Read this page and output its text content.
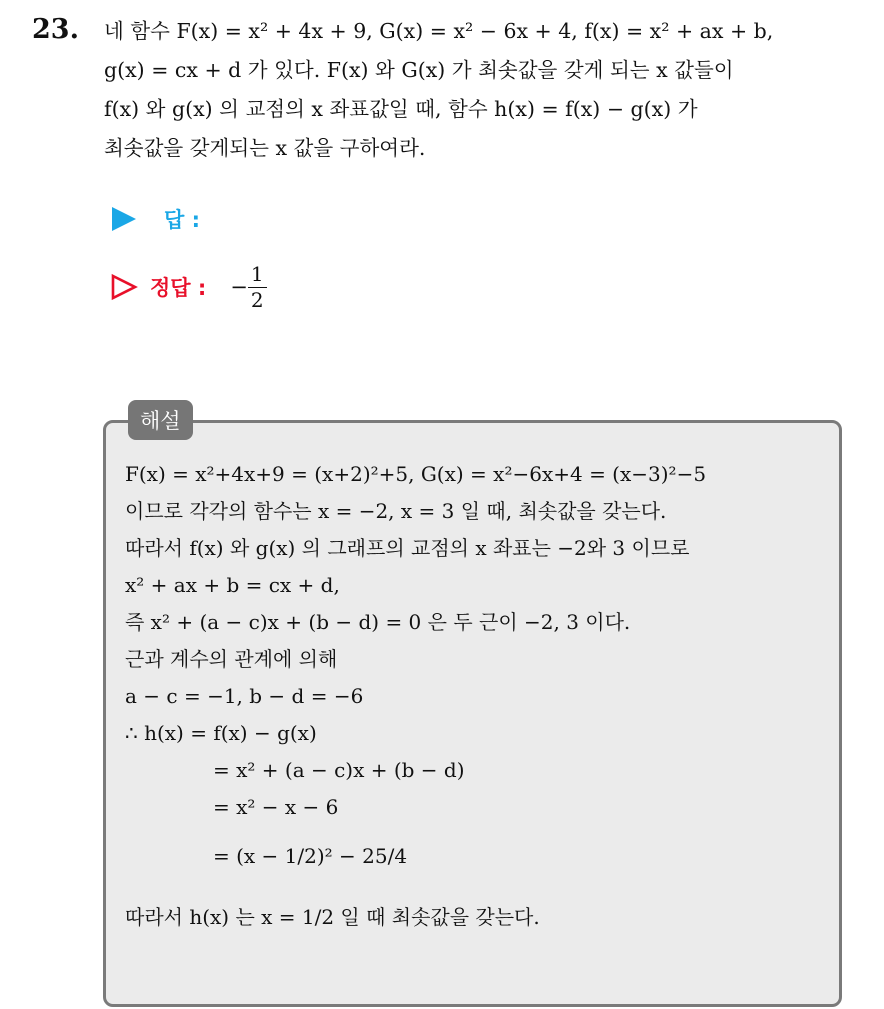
23. 네 함수 F(x) = x² + 4x + 9, G(x) = x² − 6x + 4, f(x) = x² + ax + b,
g(x) = cx + d 가 있다. F(x) 와 G(x) 가 최솟값을 갖게 되는 x 값들이
f(x) 와 g(x) 의 교점의 x 좌표값일 때, 함수 h(x) = f(x) − g(x) 가
최솟값을 갖게되는 x 값을 구하여라.
답 :
정답 : − $\frac{1}{2}$
해설
F(x) = x²+4x+9 = (x+2)²+5, G(x) = x²−6x+4 = (x−3)²−5
이므로 각각의 함수는 x = −2, x = 3 일 때, 최솟값을 갖는다.
따라서 f(x) 와 g(x) 의 그래프의 교점의 x 좌표는 −2와 3 이므로
x² + ax + b = cx + d,
즉 x² + (a − c)x + (b − d) = 0 은 두 근이 −2, 3 이다.
근과 계수의 관계에 의해
a − c = −1, b − d = −6
∴ h(x) = f(x) − g(x)
= x² + (a − c)x + (b − d)
= x² − x − 6
= (x − 1/2)² − 25/4
따라서 h(x) 는 x = 1/2 일 때 최솟값을 갖는다.
